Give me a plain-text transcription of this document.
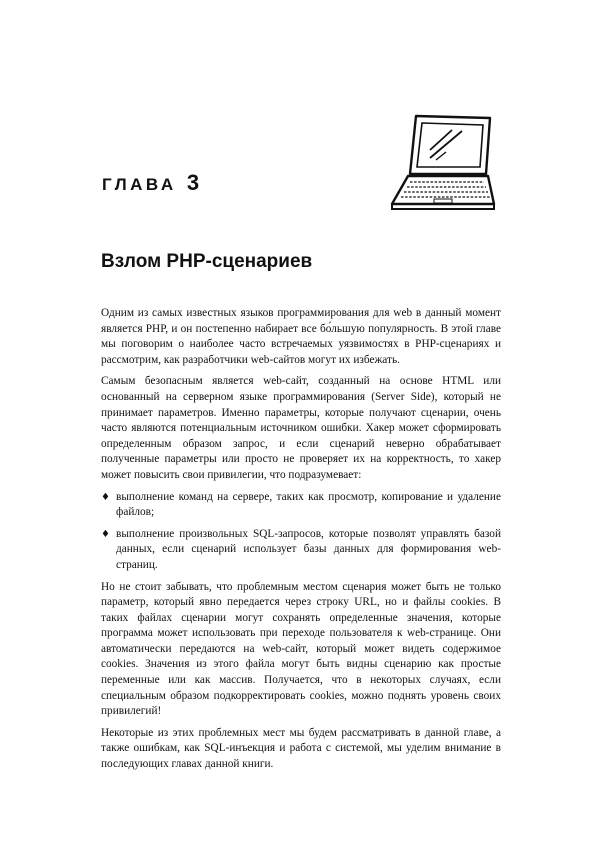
ГЛАВА 3
Взлом PHP-сценариев

Одним из самых известных языков программирования для web в данный момент является PHP, и он постепенно набирает все бо́льшую популярность. В этой главе мы поговорим о наиболее часто встречаемых уязвимостях в PHP-сценариях и рассмотрим, как разработчики web-сайтов могут их избежать.

Самым безопасным является web-сайт, созданный на основе HTML или основанный на серверном языке программирования (Server Side), который не принимает параметров. Именно параметры, которые получают сценарии, очень часто являются потенциальным источником ошибки. Хакер может сформировать определенным образом запрос, и если сценарий неверно обрабатывает полученные параметры или просто не проверяет их на корректность, то хакер может повысить свои привилегии, что подразумевает:

♦ выполнение команд на сервере, таких как просмотр, копирование и удаление файлов;
♦ выполнение произвольных SQL-запросов, которые позволят управлять базой данных, если сценарий использует базы данных для формирования web-страниц.

Но не стоит забывать, что проблемным местом сценария может быть не только параметр, который явно передается через строку URL, но и файлы cookies. В таких файлах сценарии могут сохранять определенные значения, которые программа может использовать при переходе пользователя к web-странице. Они автоматически передаются на web-сайт, который может видеть содержимое cookies. Значения из этого файла могут быть видны сценарию как простые переменные или как массив. Получается, что в некоторых случаях, если специальным образом подкорректировать cookies, можно поднять уровень своих привилегий!

Некоторые из этих проблемных мест мы будем рассматривать в данной главе, а также ошибкам, как SQL-инъекция и работа с системой, мы уделим внимание в последующих главах данной книги.
